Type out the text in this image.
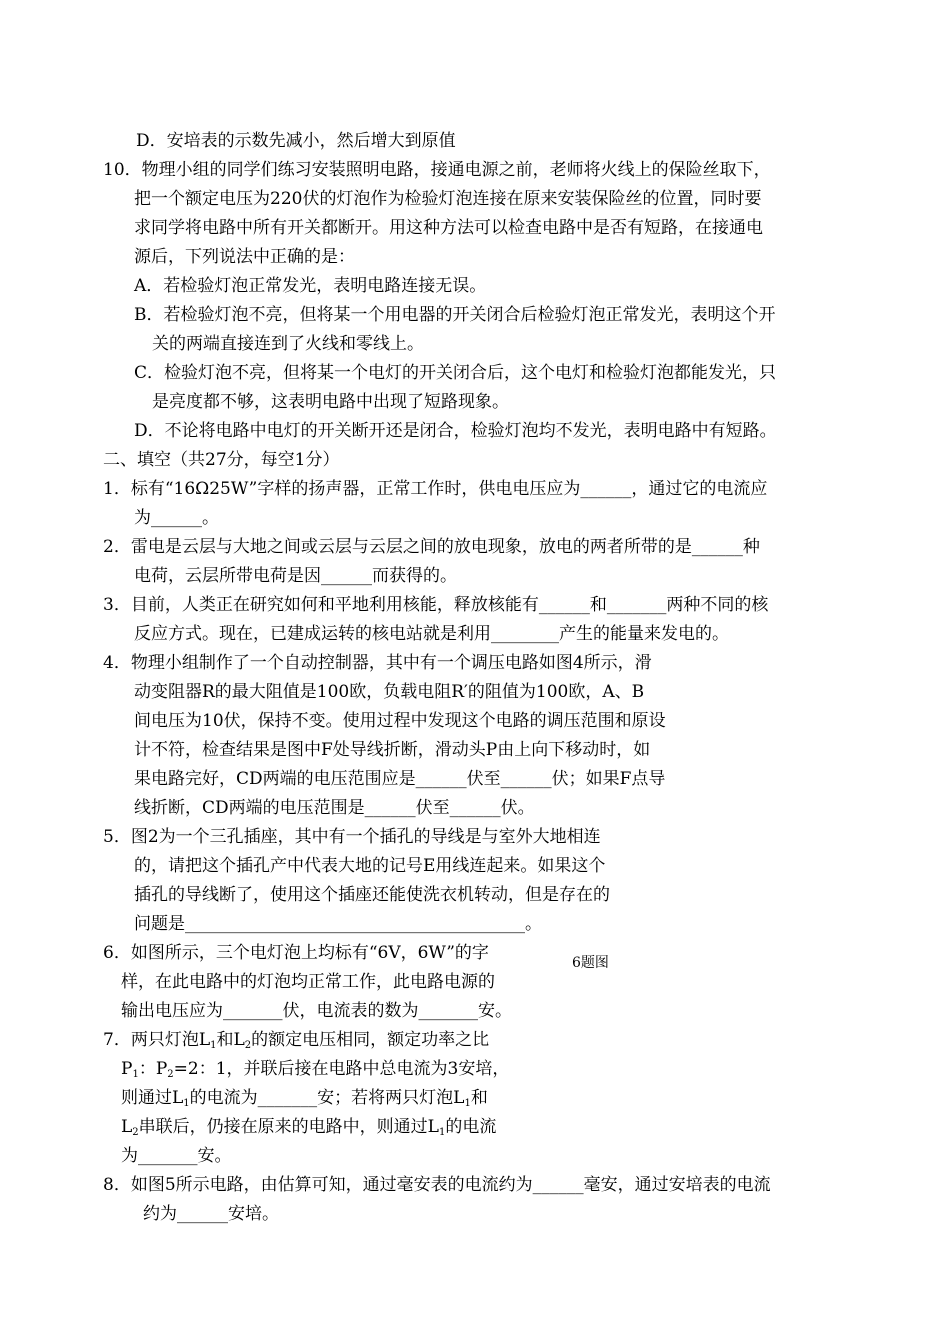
D．安培表的示数先减小，然后增大到原值
10．物理小组的同学们练习安装照明电路，接通电源之前，老师将火线上的保险丝取下，
把一个额定电压为220伏的灯泡作为检验灯泡连接在原来安装保险丝的位置，同时要
求同学将电路中所有开关都断开。用这种方法可以检查电路中是否有短路，在接通电
源后，下列说法中正确的是：
A．若检验灯泡正常发光，表明电路连接无误。
B．若检验灯泡不亮，但将某一个用电器的开关闭合后检验灯泡正常发光，表明这个开
关的两端直接连到了火线和零线上。
C．检验灯泡不亮，但将某一个电灯的开关闭合后，这个电灯和检验灯泡都能发光，只
是亮度都不够，这表明电路中出现了短路现象。
D．不论将电路中电灯的开关断开还是闭合，检验灯泡均不发光，表明电路中有短路。
二、填空（共27分，每空1分）
1．标有“16Ω25W”字样的扬声器，正常工作时，供电电压应为______，通过它的电流应
为______。
2．雷电是云层与大地之间或云层与云层之间的放电现象，放电的两者所带的是______种
电荷，云层所带电荷是因______而获得的。
3．目前，人类正在研究如何和平地利用核能，释放核能有______和_______两种不同的核
反应方式。现在，已建成运转的核电站就是利用________产生的能量来发电的。
4．物理小组制作了一个自动控制器，其中有一个调压电路如图4所示，滑
动变阻器R的最大阻值是100欧，负载电阻R′的阻值为100欧，A、B
间电压为10伏，保持不变。使用过程中发现这个电路的调压范围和原设
计不符，检查结果是图中F处导线折断，滑动头P由上向下移动时，如
果电路完好，CD两端的电压范围应是______伏至______伏；如果F点导
线折断，CD两端的电压范围是______伏至______伏。
5．图2为一个三孔插座，其中有一个插孔的导线是与室外大地相连
的，请把这个插孔产中代表大地的记号E用线连起来。如果这个
插孔的导线断了，使用这个插座还能使洗衣机转动，但是存在的
问题是________________________________________。
6．如图所示，三个电灯泡上均标有“6V，6W”的字
样，在此电路中的灯泡均正常工作，此电路电源的
输出电压应为_______伏，电流表的数为_______安。
6题图
7．两只灯泡$L_1$和$L_2$的额定电压相同，额定功率之比
$P_1$：$P_2=2$：1，并联后接在电路中总电流为3安培，
则通过$L_1$的电流为_______安；若将两只灯泡$L_1$和
$L_2$串联后，仍接在原来的电路中，则通过$L_1$的电流
为_______安。
8．如图5所示电路，由估算可知，通过毫安表的电流约为______毫安，通过安培表的电流
约为______安培。
